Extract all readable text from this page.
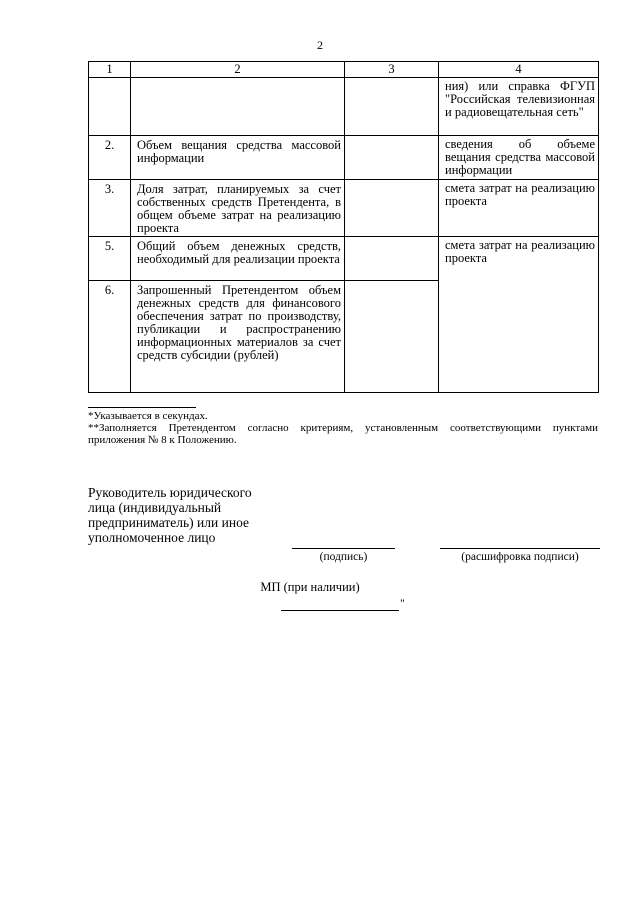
2
1	2	3	4
			ния) или справка ФГУП "Российская телевизионная и радиовещательная сеть"
2.	Объем вещания средства массовой информации		сведения об объеме вещания средства массовой информации
3.	Доля затрат, планируемых за счет собственных средств Претендента, в общем объеме затрат на реализацию проекта		смета затрат на реализацию проекта
5.	Общий объем денежных средств, необходимый для реализации проекта		смета затрат на реализацию проекта
6.	Запрошенный Претендентом объем денежных средств для финансового обеспечения затрат по производству, публикации и распространению информационных материалов за счет средств субсидии (рублей)		

*Указывается в секундах.

**Заполняется Претендентом согласно критериям, установленным соответствующими пунктами приложения № 8 к Положению.

Руководитель юридического лица (индивидуальный предприниматель) или иное уполномоченное лицо
(подпись)	(расшифровка подписи)
МП (при наличии)
"
